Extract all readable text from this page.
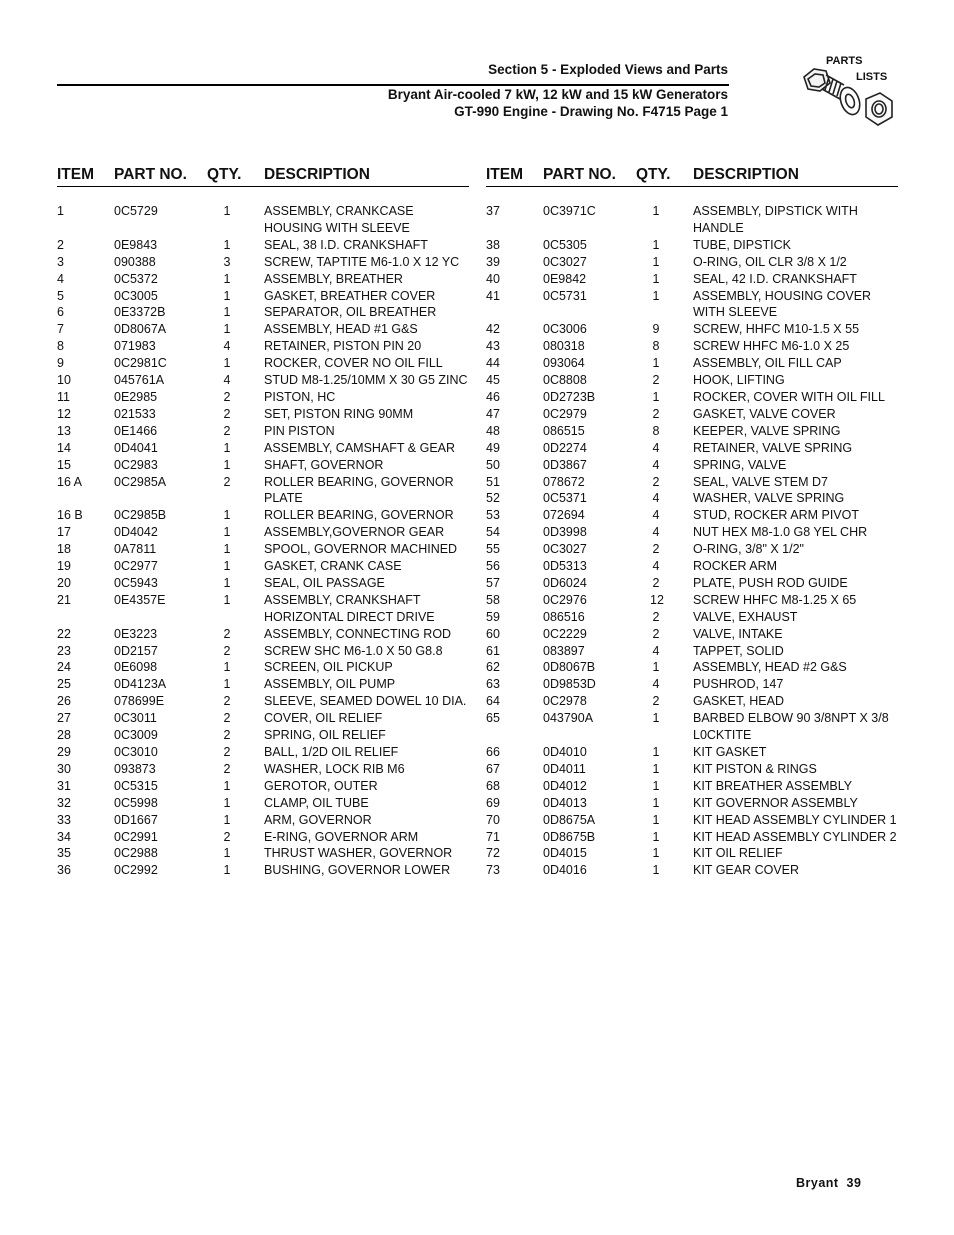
Section 5 - Exploded Views and Parts
Bryant Air-cooled 7 kW, 12 kW and 15 kW Generators
GT-990 Engine - Drawing No. F4715 Page 1
PARTS
LISTS
ITEM PART NO. QTY. DESCRIPTION
1	0C5729	1	ASSEMBLY, CRANKCASE HOUSING WITH SLEEVE
2	0E9843	1	SEAL, 38 I.D. CRANKSHAFT
3	090388	3	SCREW, TAPTITE M6-1.0 X 12 YC
4	0C5372	1	ASSEMBLY, BREATHER
5	0C3005	1	GASKET, BREATHER COVER
6	0E3372B	1	SEPARATOR, OIL BREATHER
7	0D8067A	1	ASSEMBLY, HEAD #1 G&S
8	071983	4	RETAINER, PISTON PIN 20
9	0C2981C	1	ROCKER, COVER NO OIL FILL
10	045761A	4	STUD M8-1.25/10MM X 30 G5 ZINC
11	0E2985	2	PISTON, HC
12	021533	2	SET, PISTON RING 90MM
13	0E1466	2	PIN PISTON
14	0D4041	1	ASSEMBLY, CAMSHAFT & GEAR
15	0C2983	1	SHAFT, GOVERNOR
16 A	0C2985A	2	ROLLER BEARING, GOVERNOR PLATE
16 B	0C2985B	1	ROLLER BEARING, GOVERNOR
17	0D4042	1	ASSEMBLY,GOVERNOR GEAR
18	0A7811	1	SPOOL, GOVERNOR MACHINED
19	0C2977	1	GASKET, CRANK CASE
20	0C5943	1	SEAL, OIL PASSAGE
21	0E4357E	1	ASSEMBLY, CRANKSHAFT HORIZONTAL DIRECT DRIVE
22	0E3223	2	ASSEMBLY, CONNECTING ROD
23	0D2157	2	SCREW SHC M6-1.0 X 50 G8.8
24	0E6098	1	SCREEN, OIL PICKUP
25	0D4123A	1	ASSEMBLY, OIL PUMP
26	078699E	2	SLEEVE, SEAMED DOWEL 10 DIA.
27	0C3011	2	COVER, OIL RELIEF
28	0C3009	2	SPRING, OIL RELIEF
29	0C3010	2	BALL, 1/2D OIL RELIEF
30	093873	2	WASHER, LOCK RIB M6
31	0C5315	1	GEROTOR, OUTER
32	0C5998	1	CLAMP, OIL TUBE
33	0D1667	1	ARM, GOVERNOR
34	0C2991	2	E-RING, GOVERNOR ARM
35	0C2988	1	THRUST WASHER, GOVERNOR
36	0C2992	1	BUSHING, GOVERNOR LOWER
ITEM PART NO. QTY. DESCRIPTION
37	0C3971C	1	ASSEMBLY, DIPSTICK WITH HANDLE
38	0C5305	1	TUBE, DIPSTICK
39	0C3027	1	O-RING, OIL CLR 3/8 X 1/2
40	0E9842	1	SEAL, 42 I.D. CRANKSHAFT
41	0C5731	1	ASSEMBLY, HOUSING COVER WITH SLEEVE
42	0C3006	9	SCREW, HHFC M10-1.5 X 55
43	080318	8	SCREW HHFC M6-1.0 X 25
44	093064	1	ASSEMBLY, OIL FILL CAP
45	0C8808	2	HOOK, LIFTING
46	0D2723B	1	ROCKER, COVER WITH OIL FILL
47	0C2979	2	GASKET, VALVE COVER
48	086515	8	KEEPER, VALVE SPRING
49	0D2274	4	RETAINER, VALVE SPRING
50	0D3867	4	SPRING, VALVE
51	078672	2	SEAL, VALVE STEM D7
52	0C5371	4	WASHER, VALVE SPRING
53	072694	4	STUD, ROCKER ARM PIVOT
54	0D3998	4	NUT HEX M8-1.0 G8 YEL CHR
55	0C3027	2	O-RING, 3/8" X 1/2"
56	0D5313	4	ROCKER ARM
57	0D6024	2	PLATE, PUSH ROD GUIDE
58	0C2976	12 SCREW HHFC M8-1.25 X 65
59	086516	2	VALVE, EXHAUST
60	0C2229	2	VALVE, INTAKE
61	083897	4	TAPPET, SOLID
62	0D8067B	1	ASSEMBLY, HEAD #2 G&S
63	0D9853D	4	PUSHROD, 147
64	0C2978	2	GASKET, HEAD
65	043790A	1	BARBED ELBOW 90 3/8NPT X 3/8 L0CKTITE
66	0D4010	1	KIT GASKET
67	0D4011	1	KIT PISTON & RINGS
68	0D4012	1	KIT BREATHER ASSEMBLY
69	0D4013	1	KIT GOVERNOR ASSEMBLY
70	0D8675A	1	KIT HEAD ASSEMBLY CYLINDER 1
71	0D8675B	1	KIT HEAD ASSEMBLY CYLINDER 2
72	0D4015	1	KIT OIL RELIEF
73	0D4016	1	KIT GEAR COVER
Bryant 39
